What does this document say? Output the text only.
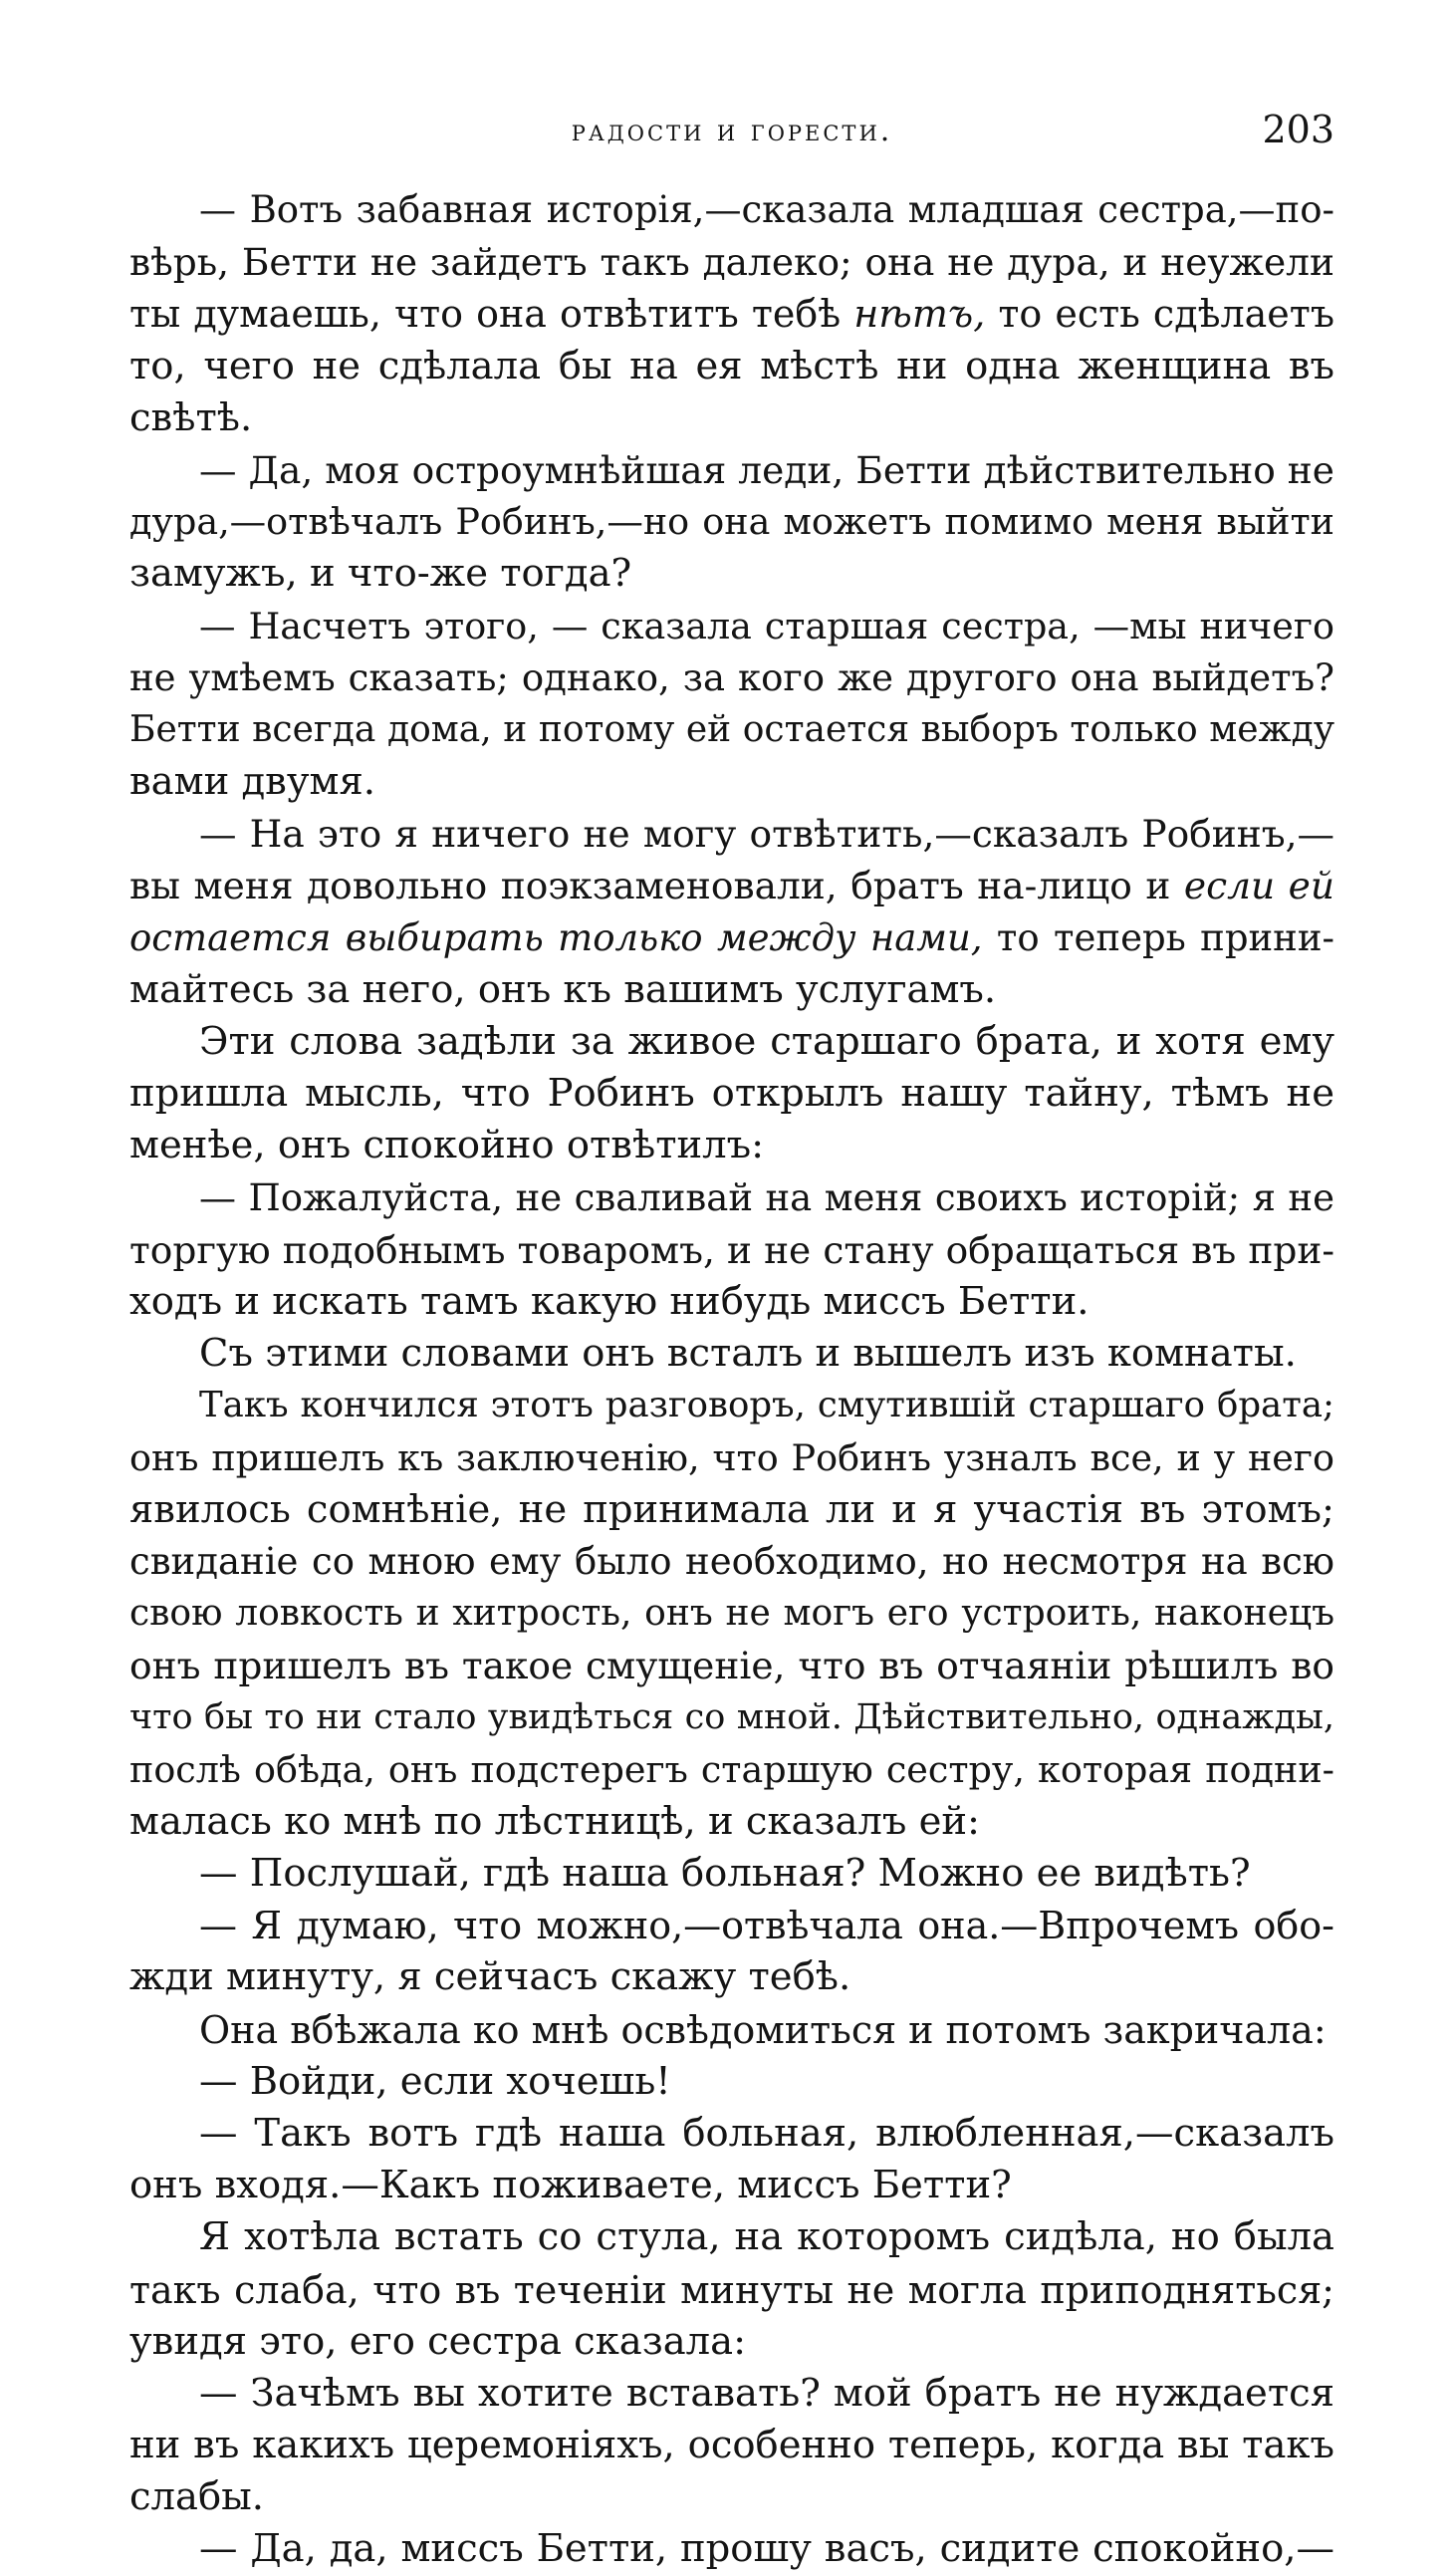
радости и горести.	203
— Вотъ забавная исторія,—сказала младшая сестра,—по-
вѣрь, Бетти не зайдетъ такъ далеко; она не дура, и неужели
ты думаешь, что она отвѣтитъ тебѣ нѣтъ, то есть сдѣлаетъ
то, чего не сдѣлала бы на ея мѣстѣ ни одна женщина въ
свѣтѣ.
— Да, моя остроумнѣйшая леди, Бетти дѣйствительно не
дура,—отвѣчалъ Робинъ,—но она можетъ помимо меня выйти
замужъ, и что-же тогда?
— Насчетъ этого, — сказала старшая сестра, —мы ничего
не умѣемъ сказать; однако, за кого же другого она выйдетъ?
Бетти всегда дома, и потому ей остается выборъ только между
вами двумя.
— На это я ничего не могу отвѣтить,—сказалъ Робинъ,—
вы меня довольно поэкзаменовали, братъ на-лицо и если ей
остается выбирать только между нами, то теперь прини-
майтесь за него, онъ къ вашимъ услугамъ.
Эти слова задѣли за живое старшаго брата, и хотя ему
пришла мысль, что Робинъ открылъ нашу тайну, тѣмъ не
менѣе, онъ спокойно отвѣтилъ:
— Пожалуйста, не сваливай на меня своихъ исторій; я не
торгую подобнымъ товаромъ, и не стану обращаться въ при-
ходъ и искать тамъ какую нибудь миссъ Бетти.
Съ этими словами онъ всталъ и вышелъ изъ комнаты.
Такъ кончился этотъ разговоръ, смутившій старшаго брата;
онъ пришелъ къ заключенію, что Робинъ узналъ все, и у него
явилось сомнѣніе, не принимала ли и я участія въ этомъ;
свиданіе со мною ему было необходимо, но несмотря на всю
свою ловкость и хитрость, онъ не могъ его устроить, наконецъ
онъ пришелъ въ такое смущеніе, что въ отчаяніи рѣшилъ во
что бы то ни стало увидѣться со мной. Дѣйствительно, однажды,
послѣ обѣда, онъ подстерегъ старшую сестру, которая подни-
малась ко мнѣ по лѣстницѣ, и сказалъ ей:
— Послушай, гдѣ наша больная? Можно ее видѣть?
— Я думаю, что можно,—отвѣчала она.—Впрочемъ обо-
жди минуту, я сейчасъ скажу тебѣ.
Она вбѣжала ко мнѣ освѣдомиться и потомъ закричала:
— Войди, если хочешь!
— Такъ вотъ гдѣ наша больная, влюбленная,—сказалъ
онъ входя.—Какъ поживаете, миссъ Бетти?
Я хотѣла встать со стула, на которомъ сидѣла, но была
такъ слаба, что въ теченіи минуты не могла приподняться;
увидя это, его сестра сказала:
— Зачѣмъ вы хотите вставать? мой братъ не нуждается
ни въ какихъ церемоніяхъ, особенно теперь, когда вы такъ
слабы.
— Да, да, миссъ Бетти, прошу васъ, сидите спокойно,—
